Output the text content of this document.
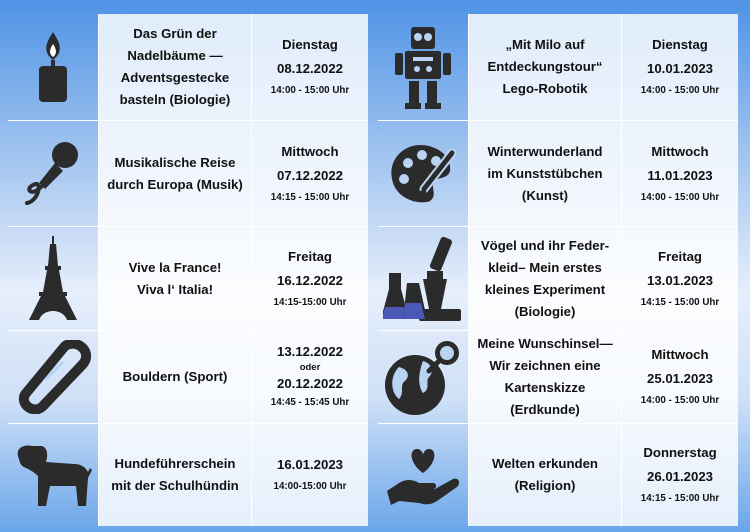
Das Grün der
Nadelbäume —
Adventsgestecke
basteln (Biologie)
Dienstag
08.12.2022
14:00 - 15:00 Uhr
Musikalische Reise
durch Europa (Musik)
Mittwoch
07.12.2022
14:15 - 15:00 Uhr
Vive la France!
Viva l‘ Italia!
Freitag
16.12.2022
14:15-15:00 Uhr
Bouldern (Sport)
13.12.2022
oder
20.12.2022
14:45 - 15:45 Uhr
Hundeführerschein
mit der Schulhündin
16.01.2023
14:00-15:00 Uhr
„Mit Milo auf
Entdeckungstour“
Lego-Robotik
Dienstag
10.01.2023
14:00 - 15:00 Uhr
Winterwunderland
im Kunststübchen
(Kunst)
Mittwoch
11.01.2023
14:00 - 15:00 Uhr
Vögel und ihr Feder-
kleid– Mein erstes
kleines Experiment
(Biologie)
Freitag
13.01.2023
14:15 - 15:00 Uhr
Meine Wunschinsel—
Wir zeichnen eine
Kartenskizze
(Erdkunde)
Mittwoch
25.01.2023
14:00 - 15:00 Uhr
Welten erkunden
(Religion)
Donnerstag
26.01.2023
14:15 - 15:00 Uhr
